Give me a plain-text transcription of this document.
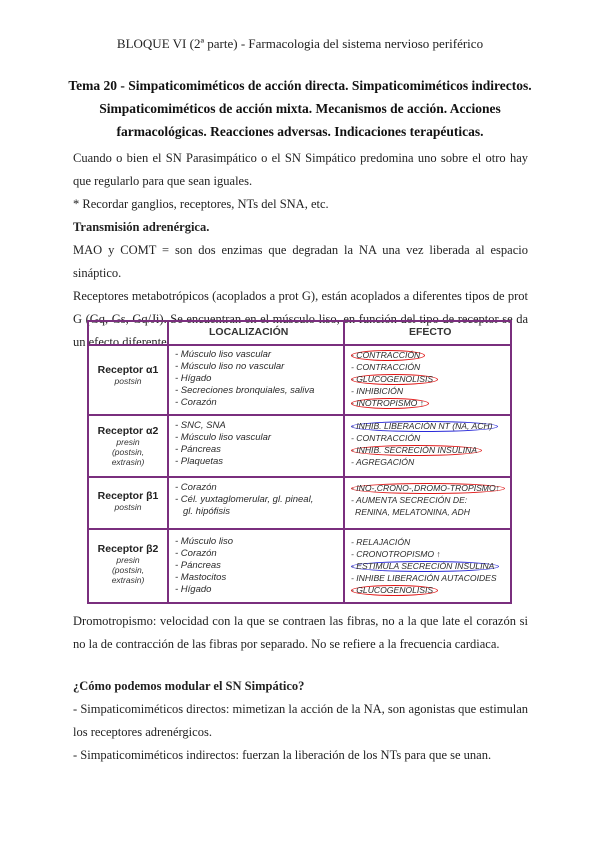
BLOQUE VI (2ª parte) - Farmacologia del sistema nervioso periférico
Tema 20 - Simpaticomiméticos de acción directa. Simpaticomiméticos indirectos.
Simpaticomiméticos de acción mixta. Mecanismos de acción. Acciones
farmacológicas. Reacciones adversas. Indicaciones terapéuticas.

Cuando o bien el SN Parasimpático o el SN Simpático predomina uno sobre el otro hay que regularlo para que sean iguales.

* Recordar ganglios, receptores, NTs del SNA, etc.

Transmisión adrenérgica.

MAO y COMT = son dos enzimas que degradan la NA una vez liberada al espacio sináptico.

Receptores metabotrópicos (acoplados a prot G), están acoplados a diferentes tipos de prot G (Gq, Gs, Gq/Ji). Se encuentran en el músculo liso, en función del tipo de receptor se da un efecto diferente.

LOCALIZACIÓN	EFECTO
Receptor α1
postsin
- Músculo liso vascular
- Músculo liso no vascular
- Hígado
- Secreciones bronquiales, saliva
- Corazón
- CONTRACCIÓN
- CONTRACCIÓN
- GLUCOGENOLISIS
- INHIBICIÓN
- INOTROPISMO ↑
Receptor α2
presin
(postsin,
extrasin)
- SNC, SNA
- Músculo liso vascular
- Páncreas
- Plaquetas
- INHIB. LIBERACIÓN NT (NA, ACH)
- CONTRACCIÓN
- INHIB. SECRECIÓN INSULINA
- AGREGACIÓN
Receptor β1
postsin
- Corazón
- Cél. yuxtaglomerular, gl. pineal,
gl. hipófisis
- INO-,CRONO-,DROMO-TROPISMO↑
- AUMENTA SECRECIÓN DE:
RENINA, MELATONINA, ADH
Receptor β2
presin
(postsin,
extrasin)
- Músculo liso
- Corazón
- Páncreas
- Mastocitos
- Hígado
- RELAJACIÓN
- CRONOTROPISMO ↑
- ESTIMULA SECRECIÓN INSULINA
- INHIBE LIBERACIÓN AUTACOIDES
- GLUCOGENOLISIS

Dromotropismo: velocidad con la que se contraen las fibras, no a la que late el corazón si no la de contracción de las fibras por separado. No se refiere a la frecuencia cardiaca.

¿Cómo podemos modular el SN Simpático?

- Simpaticomiméticos directos: mimetizan la acción de la NA, son agonistas que estimulan los receptores adrenérgicos.

- Simpaticomiméticos indirectos: fuerzan la liberación de los NTs para que se unan.
